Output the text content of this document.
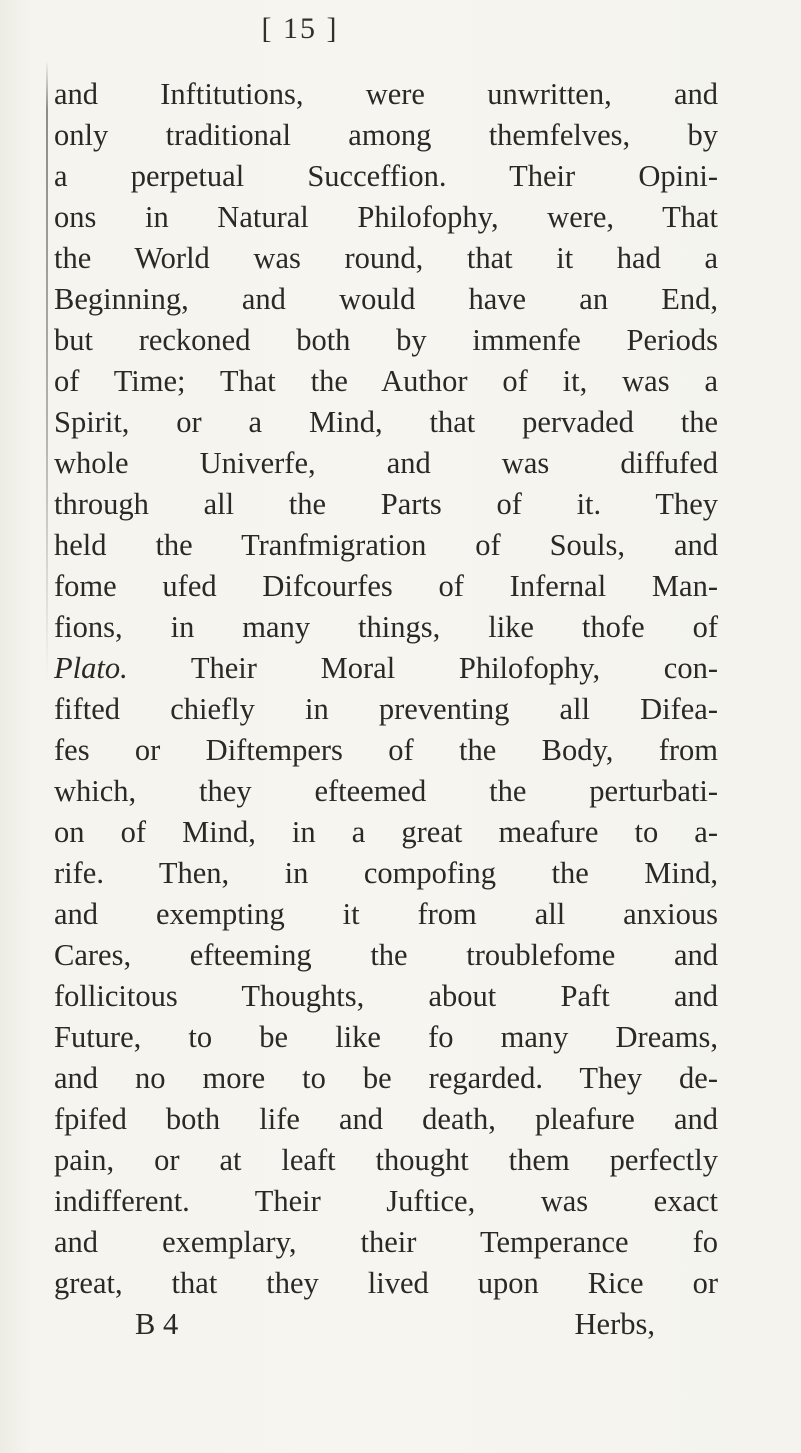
[ 15 ]
and Inftitutions, were unwritten, and
only traditional among themfelves, by
a perpetual Succeffion. Their Opini-
ons in Natural Philofophy, were, That
the World was round, that it had a
Beginning, and would have an End,
but reckoned both by immenfe Periods
of Time; That the Author of it, was a
Spirit, or a Mind, that pervaded the
whole Univerfe, and was diffufed
through all the Parts of it. They
held the Tranfmigration of Souls, and
fome ufed Difcourfes of Infernal Man-
fions, in many things, like thofe of
Plato. Their Moral Philofophy, con-
fifted chiefly in preventing all Difea-
fes or Diftempers of the Body, from
which, they efteemed the perturbati-
on of Mind, in a great meafure to a-
rife. Then, in compofing the Mind,
and exempting it from all anxious
Cares, efteeming the troublefome and
follicitous Thoughts, about Paft and
Future, to be like fo many Dreams,
and no more to be regarded. They de-
fpifed both life and death, pleafure and
pain, or at leaft thought them perfectly
indifferent. Their Juftice, was exact
and exemplary, their Temperance fo
great, that they lived upon Rice or
B 4	Herbs,
